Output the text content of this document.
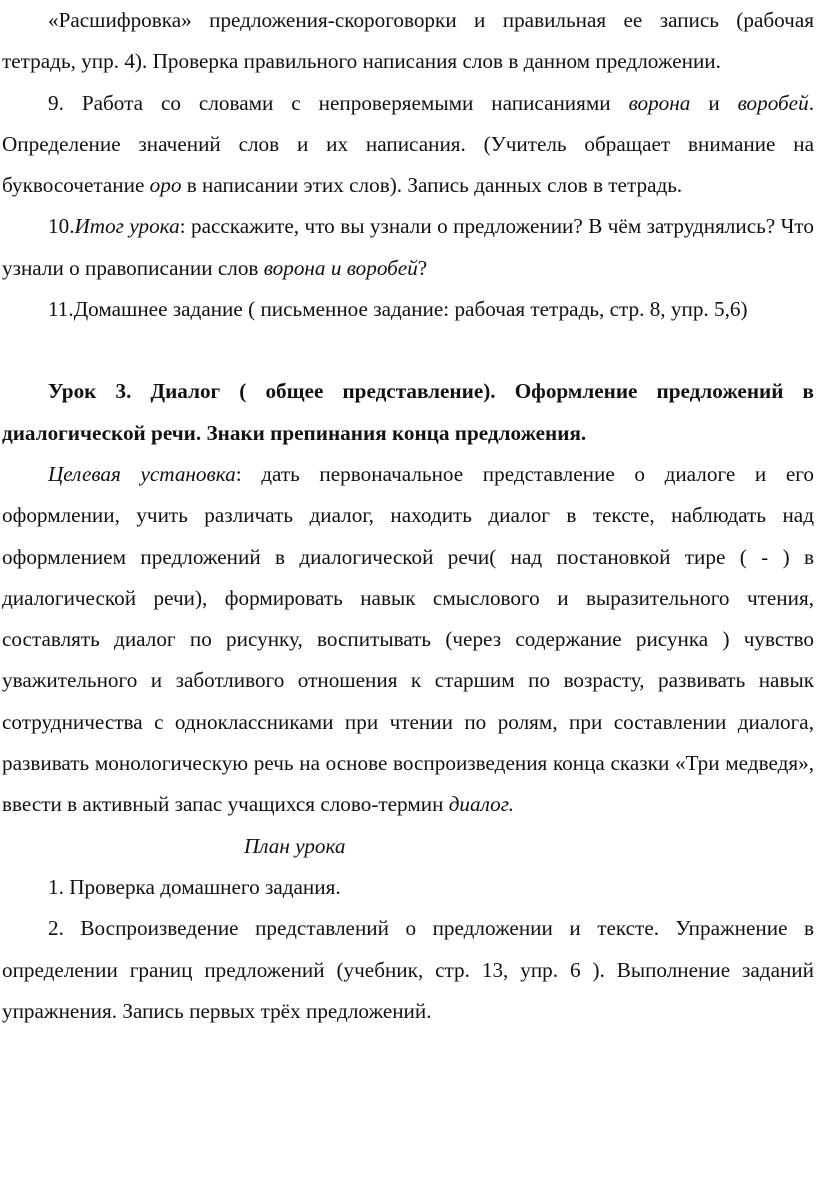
«Расшифровка» предложения-скороговорки и правильная ее запись (рабочая тетрадь, упр. 4). Проверка правильного написания слов в данном предложении.

9. Работа со словами с непроверяемыми написаниями ворона и воробей. Определение значений слов и их написания. (Учитель обращает внимание на буквосочетание оро в написании этих слов). Запись данных слов в тетрадь.

10.Итог урока: расскажите, что вы узнали о предложении? В чём затруднялись? Что узнали о правописании слов ворона и воробей?

11.Домашнее задание ( письменное задание: рабочая тетрадь, стр. 8, упр. 5,6)

Урок 3. Диалог ( общее представление). Оформление предложений в диалогической речи. Знаки препинания конца предложения.

Целевая установка: дать первоначальное представление о диалоге и его оформлении, учить различать диалог, находить диалог в тексте, наблюдать над оформлением предложений в диалогической речи( над постановкой тире ( - ) в диалогической речи), формировать навык смыслового и выразительного чтения, составлять диалог по рисунку, воспитывать (через содержание рисунка ) чувство уважительного и заботливого отношения к старшим по возрасту, развивать навык сотрудничества с одноклассниками при чтении по ролям, при составлении диалога, развивать монологическую речь на основе воспроизведения конца сказки «Три медведя», ввести в активный запас учащихся слово-термин диалог.

План урока

1. Проверка домашнего задания.

2. Воспроизведение представлений о предложении и тексте. Упражнение в определении границ предложений (учебник, стр. 13, упр. 6 ). Выполнение заданий упражнения. Запись первых трёх предложений.
